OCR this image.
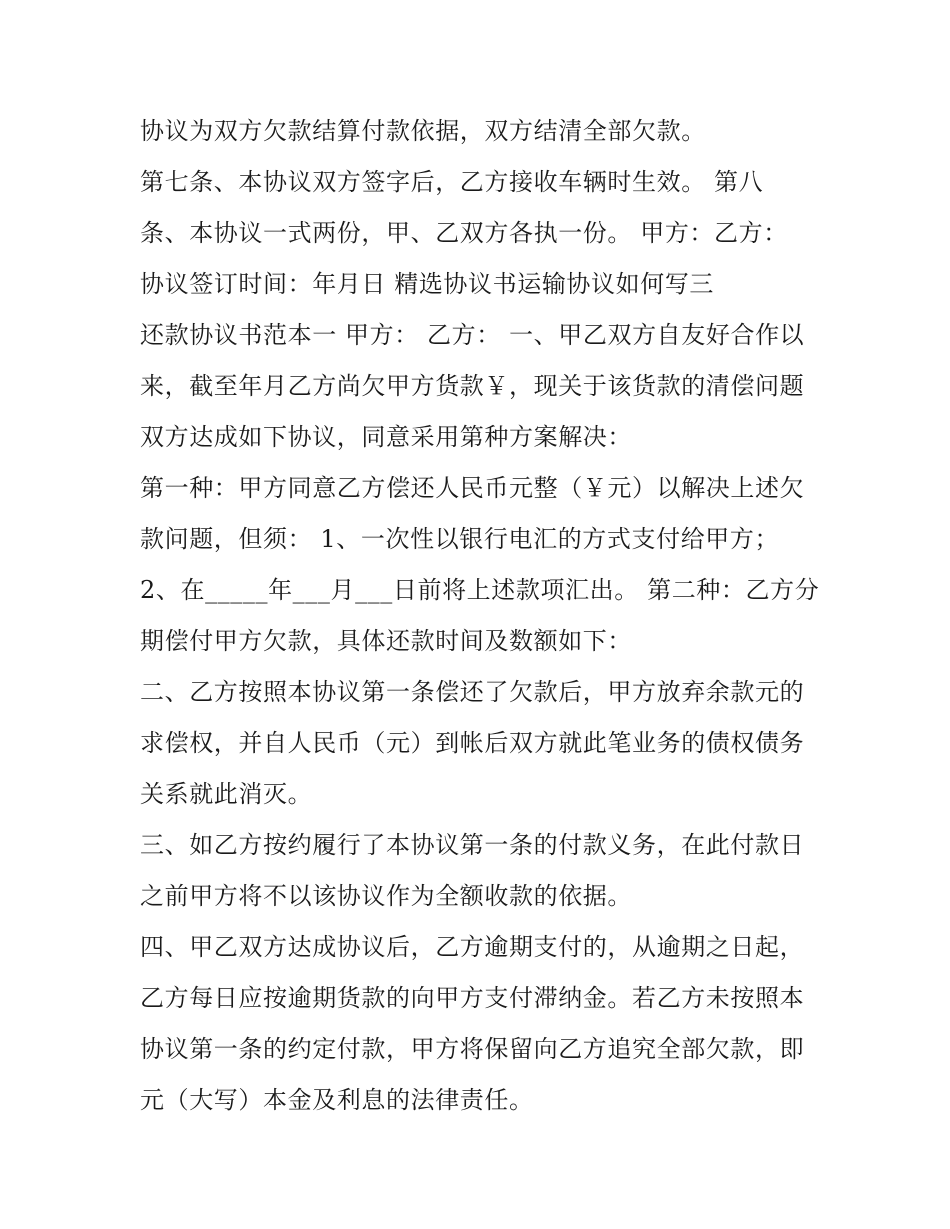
协议为双方欠款结算付款依据，双方结清全部欠款。
第七条、本协议双方签字后，乙方接收车辆时生效。 第八
条、本协议一式两份，甲、乙双方各执一份。 甲方：乙方：
协议签订时间：年月日 精选协议书运输协议如何写三
还款协议书范本一 甲方： 乙方： 一、甲乙双方自友好合作以
来，截至年月乙方尚欠甲方货款￥，现关于该货款的清偿问题
双方达成如下协议，同意采用第种方案解决：
第一种：甲方同意乙方偿还人民币元整（￥元）以解决上述欠
款问题，但须： 1、一次性以银行电汇的方式支付给甲方；
2、在_____年___月___日前将上述款项汇出。 第二种：乙方分
期偿付甲方欠款，具体还款时间及数额如下：
二、乙方按照本协议第一条偿还了欠款后，甲方放弃余款元的
求偿权，并自人民币（元）到帐后双方就此笔业务的债权债务
关系就此消灭。
三、如乙方按约履行了本协议第一条的付款义务，在此付款日
之前甲方将不以该协议作为全额收款的依据。
四、甲乙双方达成协议后，乙方逾期支付的，从逾期之日起，
乙方每日应按逾期货款的向甲方支付滞纳金。若乙方未按照本
协议第一条的约定付款，甲方将保留向乙方追究全部欠款，即
元（大写）本金及利息的法律责任。
